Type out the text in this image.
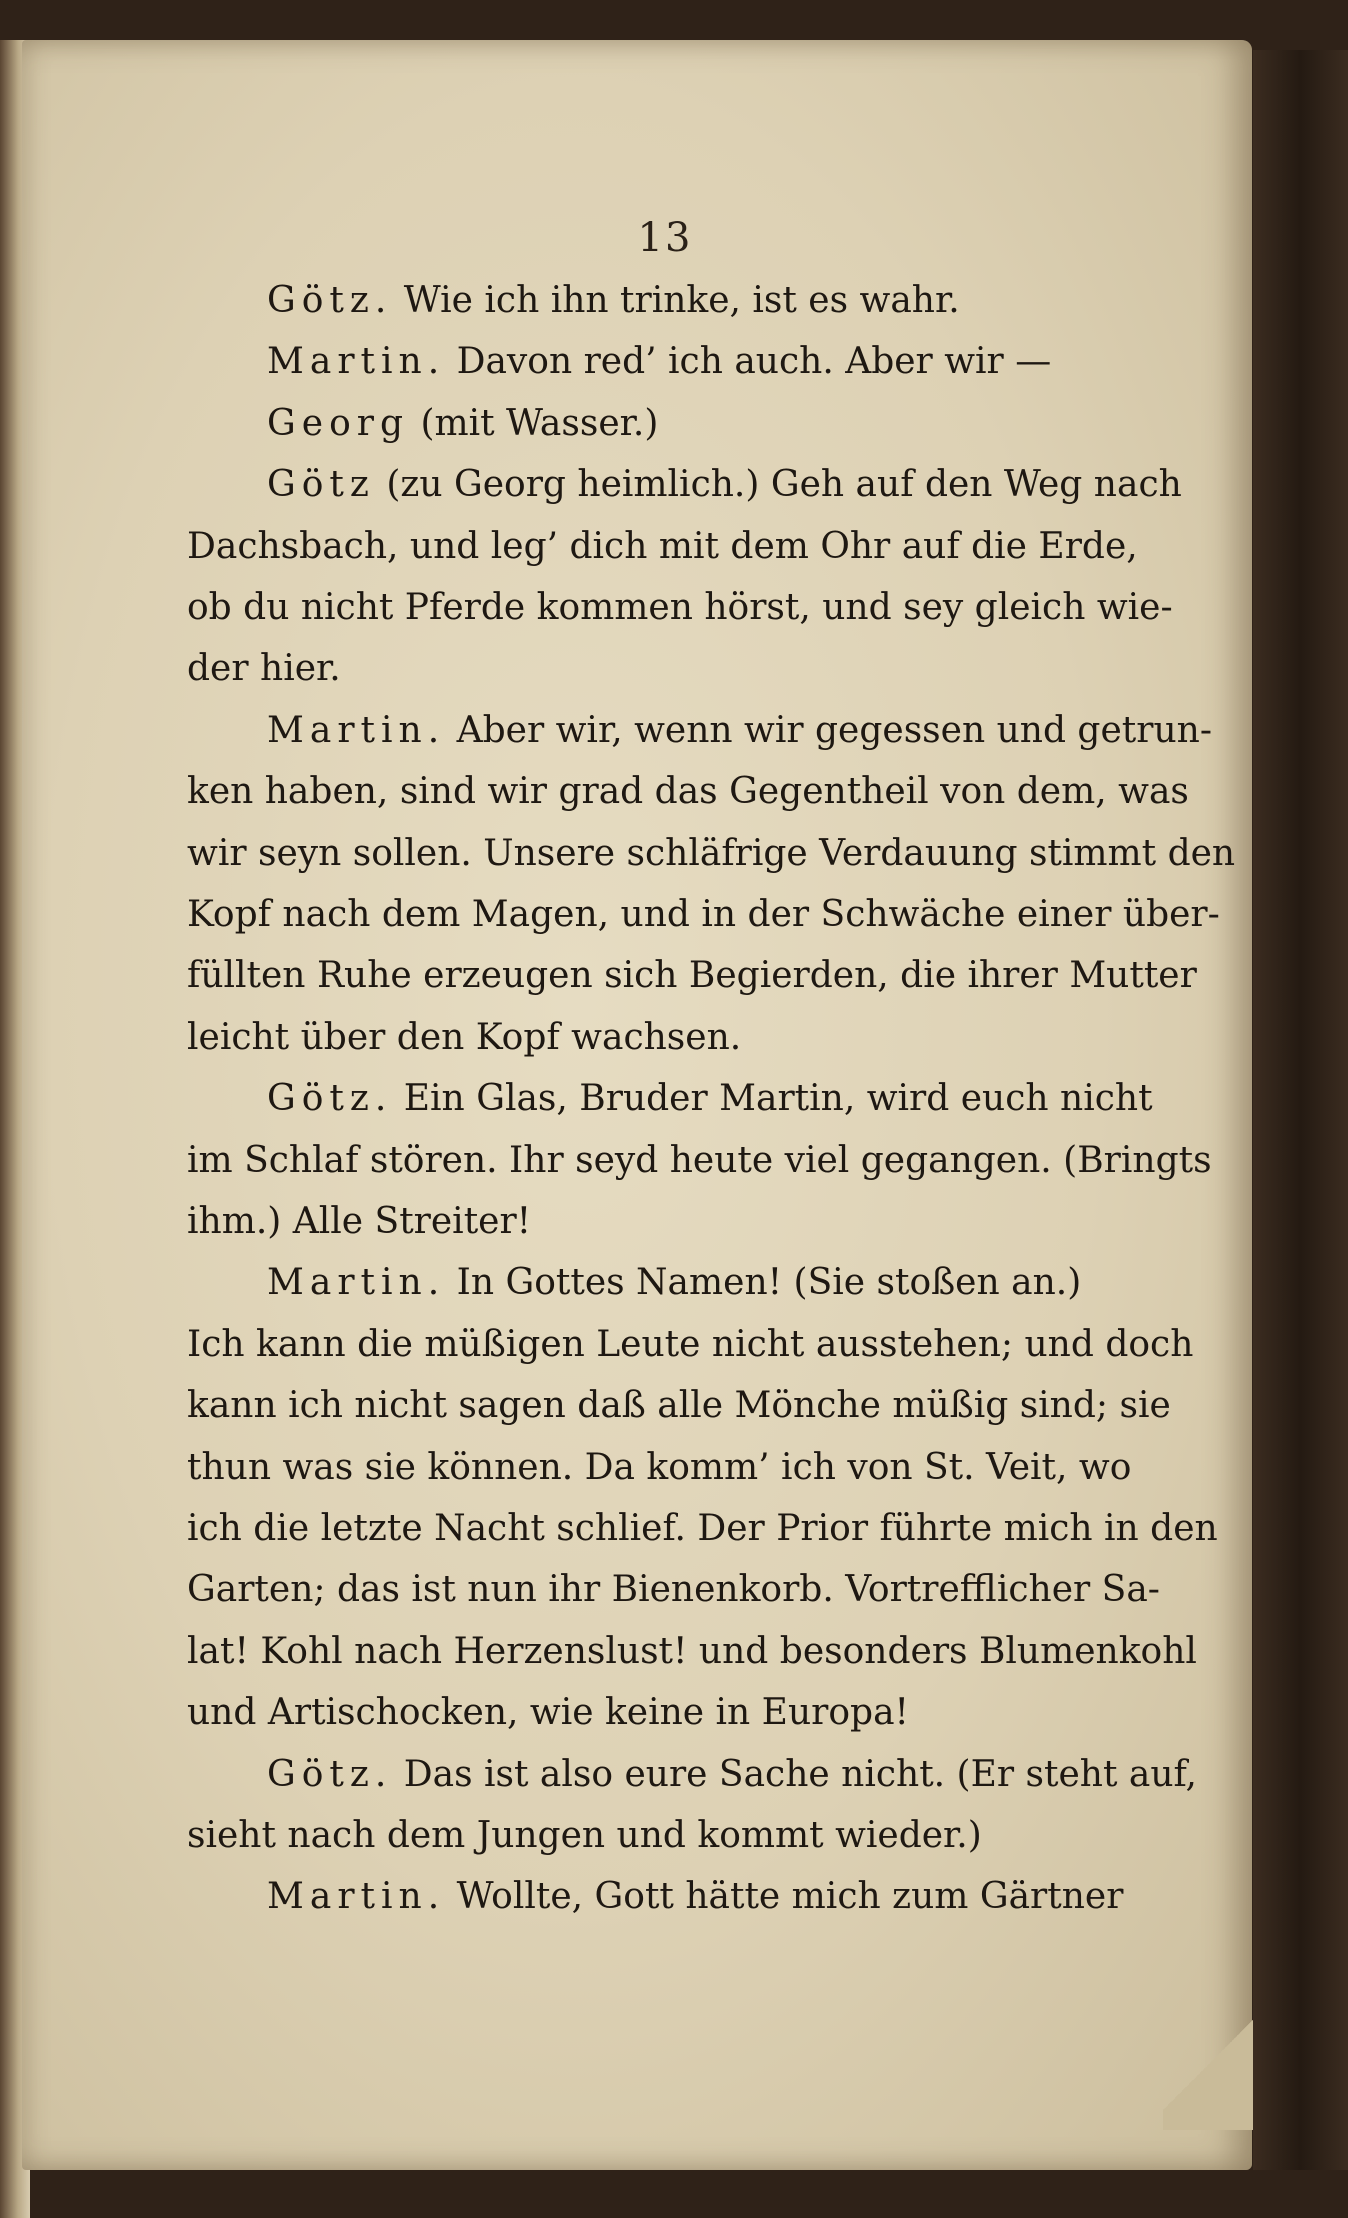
13
Götz. Wie ich ihn trinke, ist es wahr.
Martin. Davon red’ ich auch. Aber wir —
Georg (mit Wasser.)
Götz (zu Georg heimlich.) Geh auf den Weg nach
Dachsbach, und leg’ dich mit dem Ohr auf die Erde,
ob du nicht Pferde kommen hörst, und sey gleich wie-
der hier.
Martin. Aber wir, wenn wir gegessen und getrun-
ken haben, sind wir grad das Gegentheil von dem, was
wir seyn sollen. Unsere schläfrige Verdauung stimmt den
Kopf nach dem Magen, und in der Schwäche einer über-
füllten Ruhe erzeugen sich Begierden, die ihrer Mutter
leicht über den Kopf wachsen.
Götz. Ein Glas, Bruder Martin, wird euch nicht
im Schlaf stören. Ihr seyd heute viel gegangen. (Bringts
ihm.) Alle Streiter!
Martin. In Gottes Namen! (Sie stoßen an.)
Ich kann die müßigen Leute nicht ausstehen; und doch
kann ich nicht sagen daß alle Mönche müßig sind; sie
thun was sie können. Da komm’ ich von St. Veit, wo
ich die letzte Nacht schlief. Der Prior führte mich in den
Garten; das ist nun ihr Bienenkorb. Vortrefflicher Sa-
lat! Kohl nach Herzenslust! und besonders Blumenkohl
und Artischocken, wie keine in Europa!
Götz. Das ist also eure Sache nicht. (Er steht auf,
sieht nach dem Jungen und kommt wieder.)
Martin. Wollte, Gott hätte mich zum Gärtner
